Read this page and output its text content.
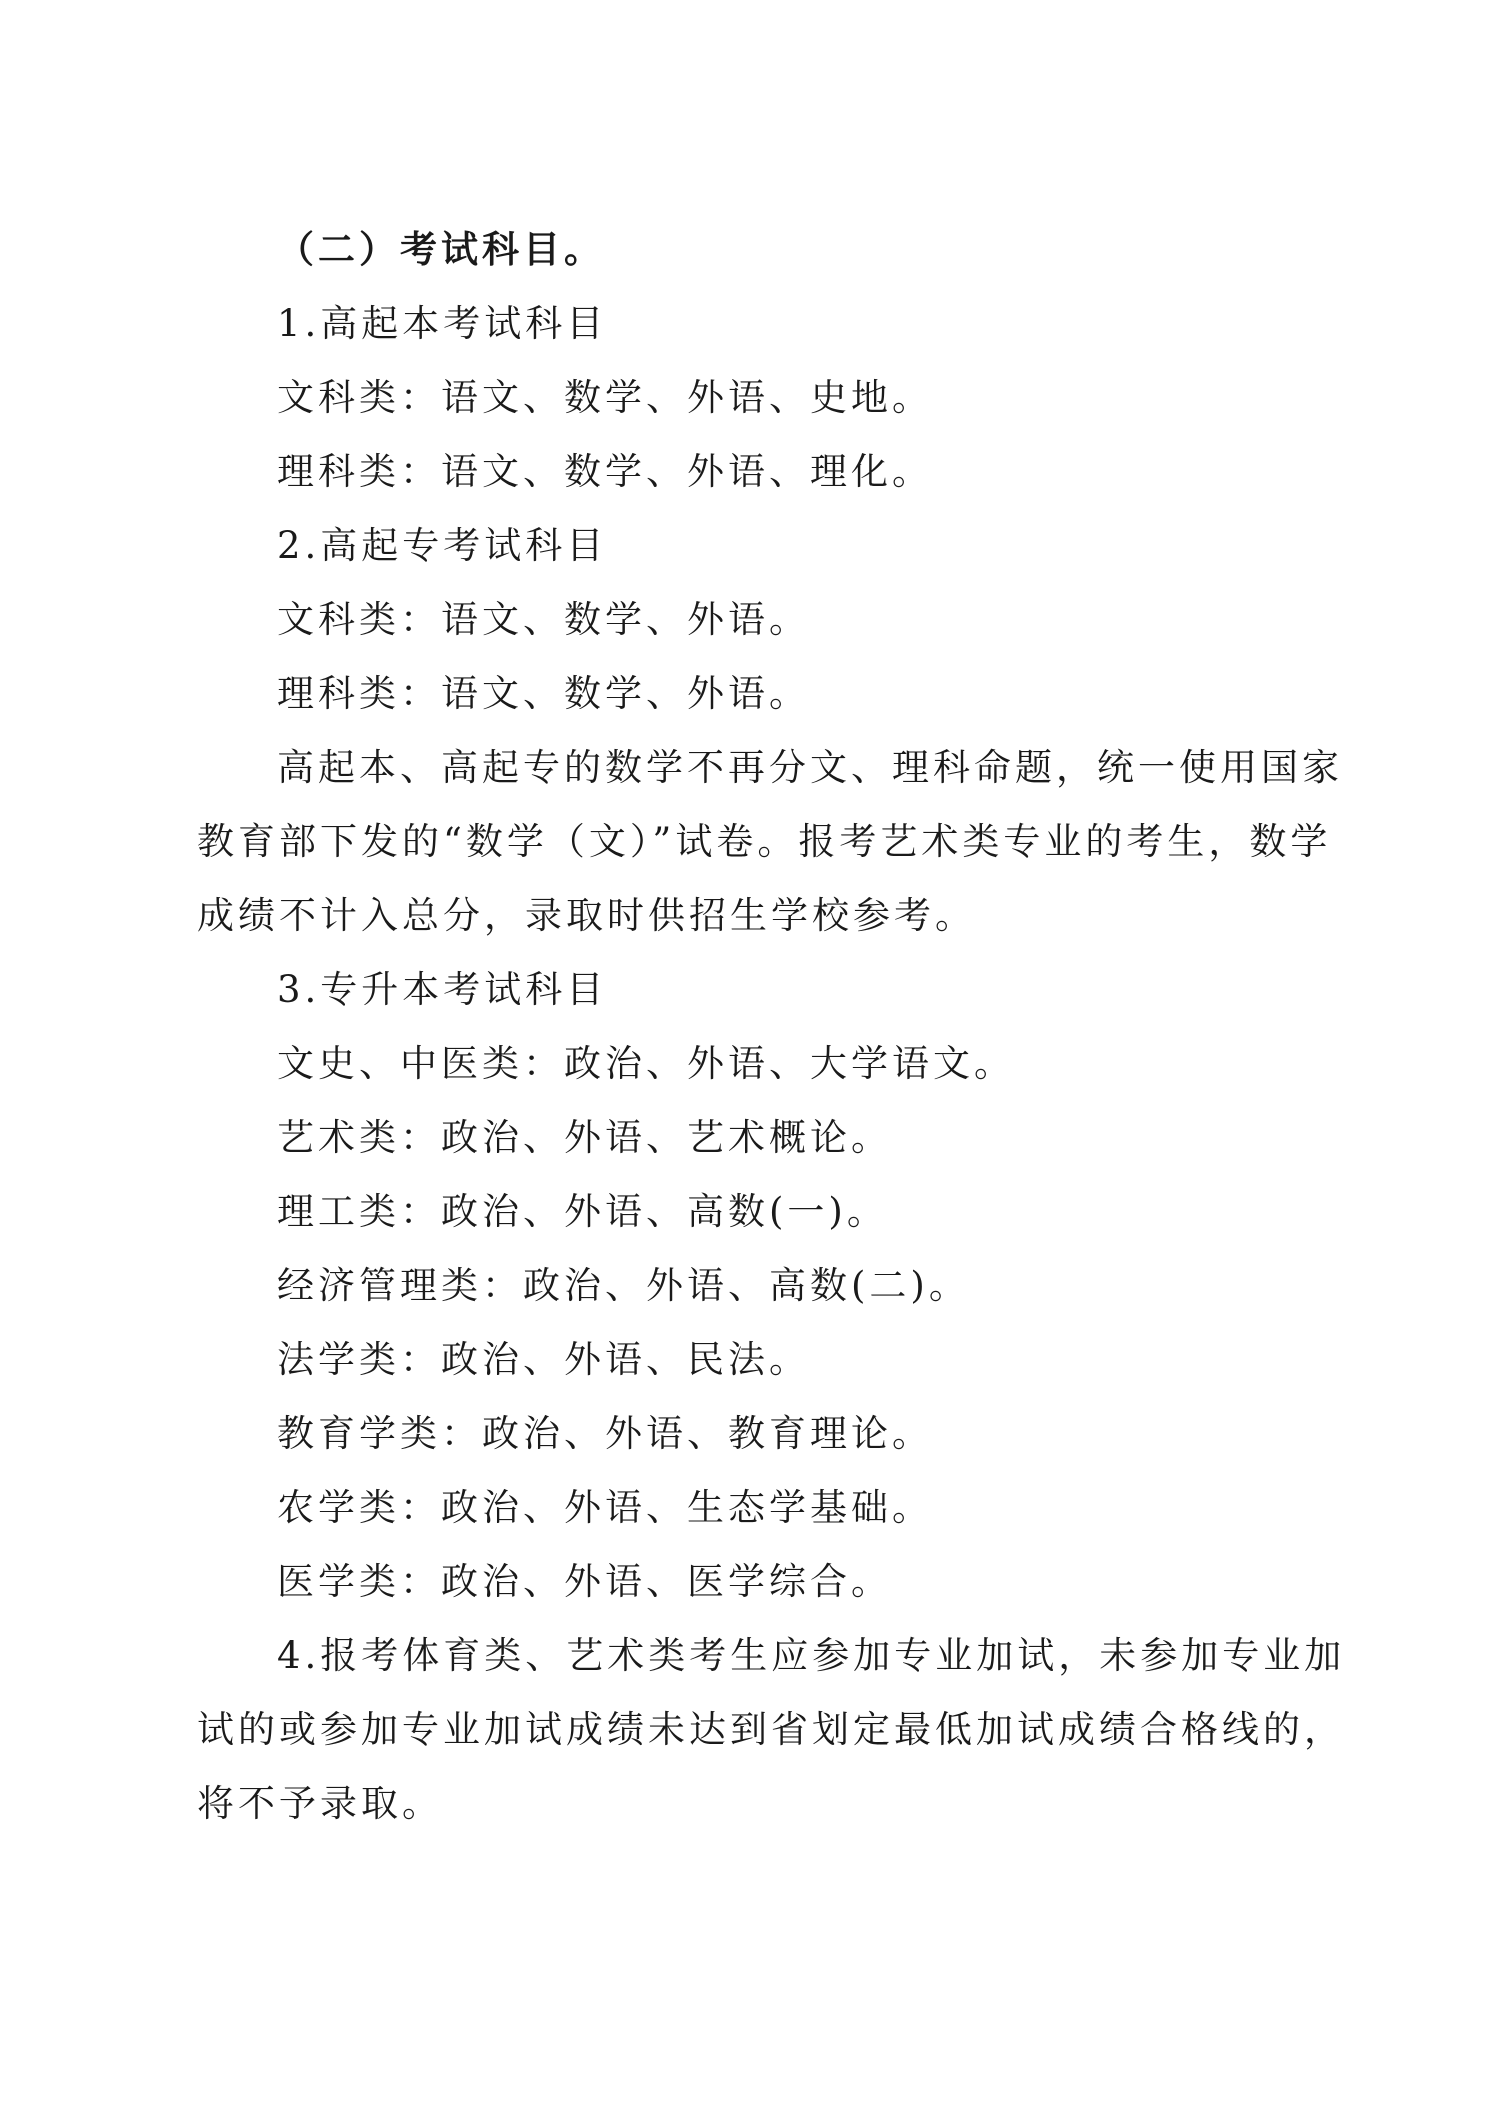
（二）考试科目。
1.高起本考试科目
文科类：语文、数学、外语、史地。
理科类：语文、数学、外语、理化。
2.高起专考试科目
文科类：语文、数学、外语。
理科类：语文、数学、外语。
高起本、高起专的数学不再分文、理科命题，统一使用国家
教育部下发的“数学（文）”试卷。报考艺术类专业的考生，数学
成绩不计入总分，录取时供招生学校参考。
3.专升本考试科目
文史、中医类：政治、外语、大学语文。
艺术类：政治、外语、艺术概论。
理工类：政治、外语、高数(一)。
经济管理类：政治、外语、高数(二)。
法学类：政治、外语、民法。
教育学类：政治、外语、教育理论。
农学类：政治、外语、生态学基础。
医学类：政治、外语、医学综合。
4.报考体育类、艺术类考生应参加专业加试，未参加专业加
试的或参加专业加试成绩未达到省划定最低加试成绩合格线的，
将不予录取。
